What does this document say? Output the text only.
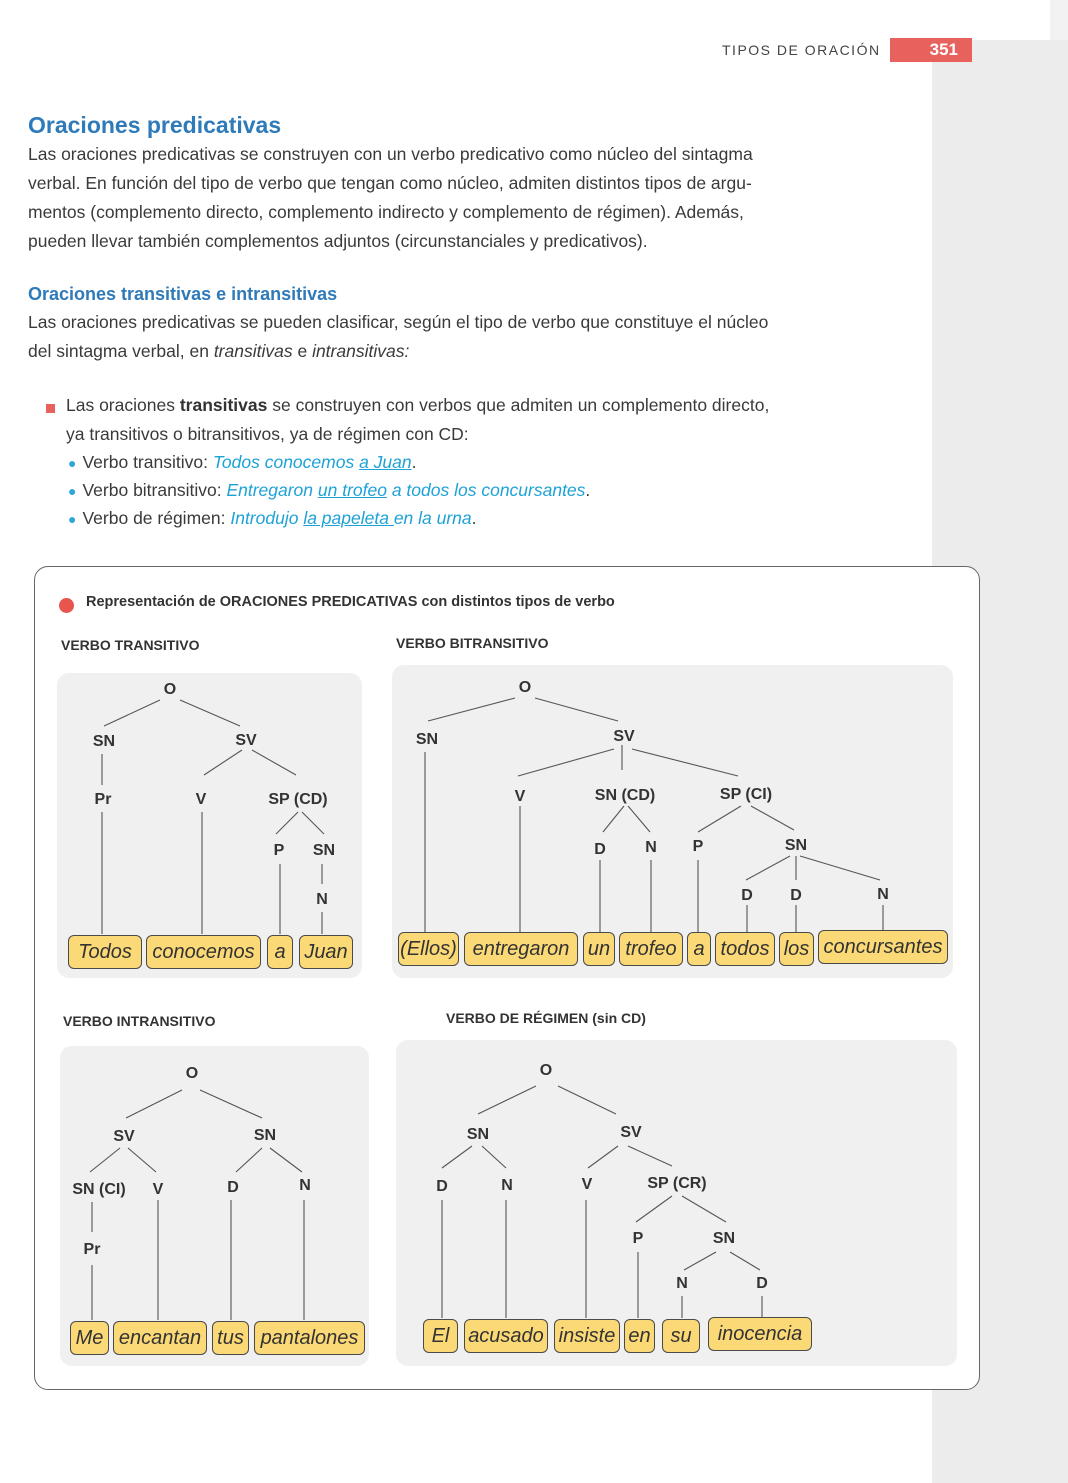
TIPOS DE ORACIÓN	351
Oraciones predicativas
Las oraciones predicativas se construyen con un verbo predicativo como núcleo del sintagma
verbal. En función del tipo de verbo que tengan como núcleo, admiten distintos tipos de argu-
mentos (complemento directo, complemento indirecto y complemento de régimen). Además,
pueden llevar también complementos adjuntos (circunstanciales y predicativos).
Oraciones transitivas e intransitivas
Las oraciones predicativas se pueden clasificar, según el tipo de verbo que constituye el núcleo
del sintagma verbal, en transitivas e intransitivas:
Las oraciones transitivas se construyen con verbos que admiten un complemento directo,
ya transitivos o bitransitivos, ya de régimen con CD:
● Verbo transitivo: Todos conocemos a Juan.
● Verbo bitransitivo: Entregaron un trofeo a todos los concursantes.
● Verbo de régimen: Introdujo la papeleta en la urna.
Representación de ORACIONES PREDICATIVAS con distintos tipos de verbo
VERBO TRANSITIVO	VERBO BITRANSITIVO
VERBO INTRANSITIVO	VERBO DE RÉGIMEN (sin CD)
O
SN	SV
Pr	V	SP (CD)
P SN
N
O
SN	SV
V	SN (CD)	SP (CI)
D N P	SN
D D	N
O
SV	SN
SN (CI) V	D	N
Pr
O
SN	SV
D	N	V	SP (CR)
P	SN
N	D
Todos	conocemos a Juan	(Ellos) entregaron un trofeo a todos los concursantes
Me encantan tus pantalones	El acusado insiste en su	inocencia
